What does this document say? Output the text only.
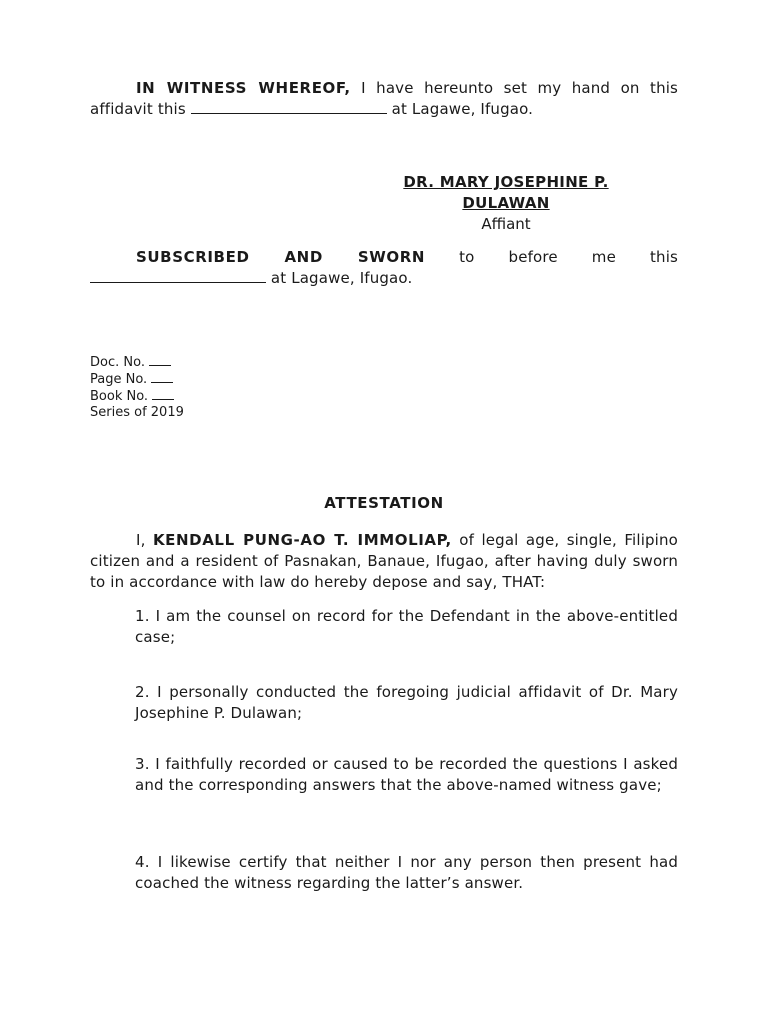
IN WITNESS WHEREOF, I have hereunto set my hand on this affidavit this	at Lagawe, Ifugao.
DR. MARY JOSEPHINE P. DULAWAN
Affiant
SUBSCRIBED AND SWORN to before me this  at Lagawe, Ifugao.
Doc. No.
Page No.
Book No.
Series of 2019
ATTESTATION
I, KENDALL PUNG-AO T. IMMOLIAP, of legal age, single, Filipino citizen and a resident of Pasnakan, Banaue, Ifugao, after having duly sworn to in accordance with law do hereby depose and say, THAT:
1. I am the counsel on record for the Defendant in the above-entitled case;
2. I personally conducted the foregoing judicial affidavit of Dr. Mary Josephine P. Dulawan;
3. I faithfully recorded or caused to be recorded the questions I asked and the corresponding answers that the above-named witness gave;
4. I likewise certify that neither I nor any person then present had coached the witness regarding the latter’s answer.
